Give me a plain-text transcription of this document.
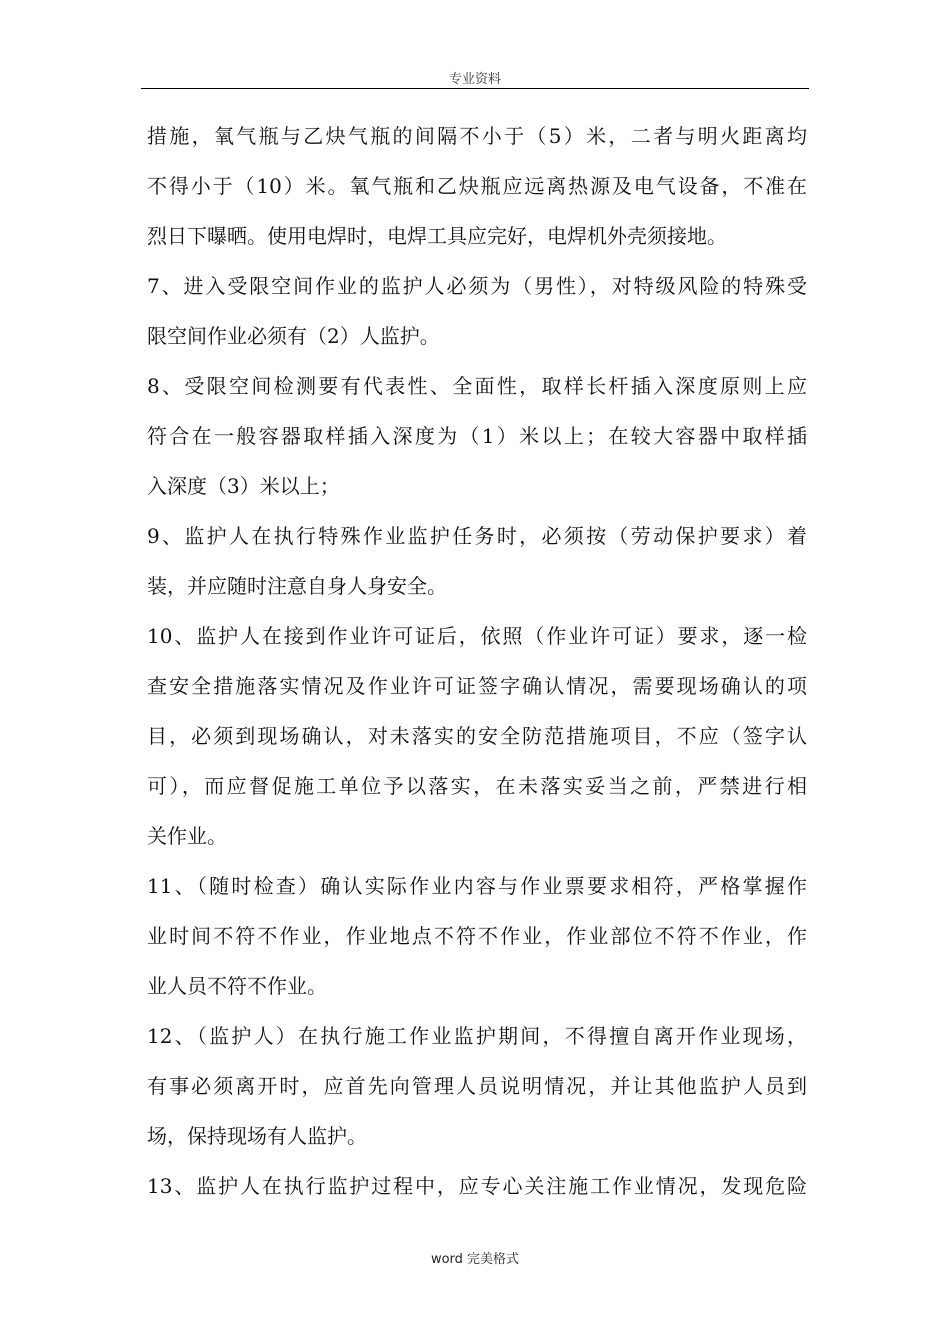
专业资料
措施，氧气瓶与乙炔气瓶的间隔不小于（5）米，二者与明火距离均
不得小于（10）米。氧气瓶和乙炔瓶应远离热源及电气设备，不准在
烈日下曝晒。使用电焊时，电焊工具应完好，电焊机外壳须接地。
7、进入受限空间作业的监护人必须为（男性），对特级风险的特殊受
限空间作业必须有（2）人监护。
8、受限空间检测要有代表性、全面性，取样长杆插入深度原则上应
符合在一般容器取样插入深度为（1）米以上；在较大容器中取样插
入深度（3）米以上；
9、监护人在执行特殊作业监护任务时，必须按（劳动保护要求）着
装，并应随时注意自身人身安全。
10、监护人在接到作业许可证后，依照（作业许可证）要求，逐一检
查安全措施落实情况及作业许可证签字确认情况，需要现场确认的项
目，必须到现场确认，对未落实的安全防范措施项目，不应（签字认
可），而应督促施工单位予以落实，在未落实妥当之前，严禁进行相
关作业。
11、（随时检查）确认实际作业内容与作业票要求相符，严格掌握作
业时间不符不作业，作业地点不符不作业，作业部位不符不作业，作
业人员不符不作业。
12、（监护人）在执行施工作业监护期间，不得擅自离开作业现场，
有事必须离开时，应首先向管理人员说明情况，并让其他监护人员到
场，保持现场有人监护。
13、监护人在执行监护过程中，应专心关注施工作业情况，发现危险
word 完美格式
